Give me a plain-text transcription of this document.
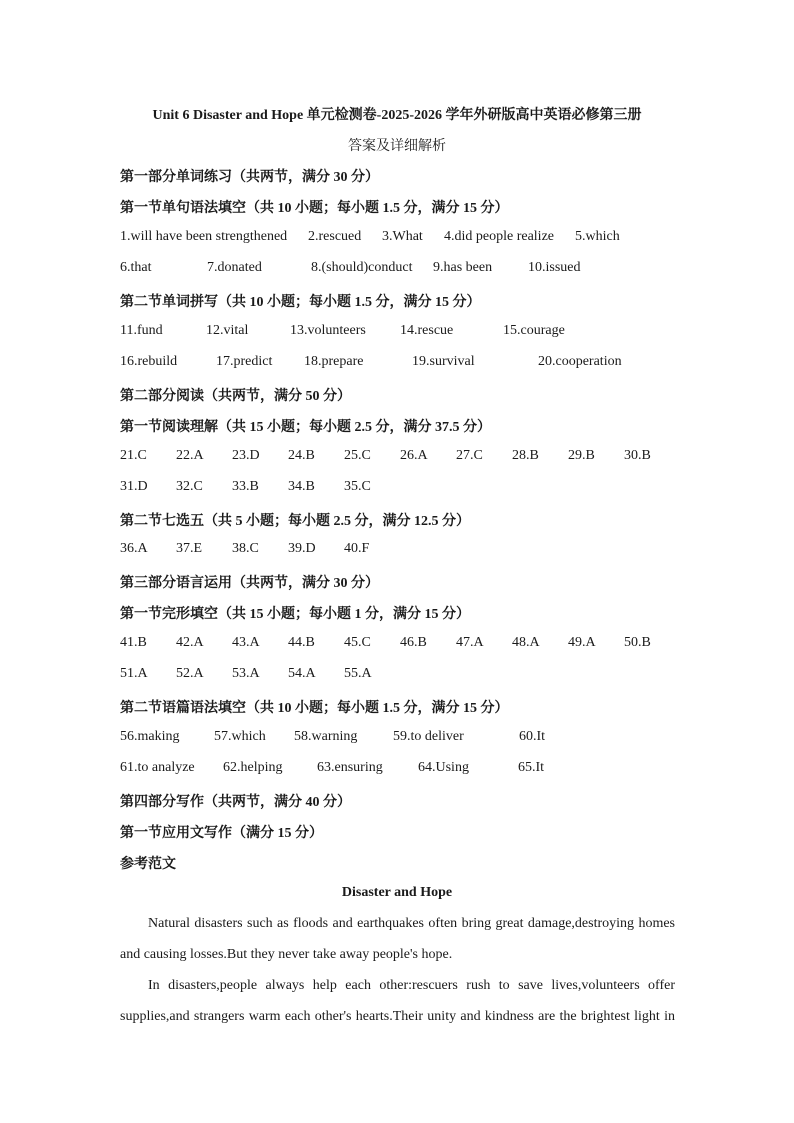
Unit 6 Disaster and Hope 单元检测卷-2025-2026 学年外研版高中英语必修第三册
答案及详细解析
第一部分单词练习（共两节，满分 30 分）
第一节单句语法填空（共 10 小题；每小题 1.5 分，满分 15 分）
1.will have been strengthened 2.rescued 3.What 4.did people realize 5.which
6.that	7.donated	8.(should)conduct 9.has been	10.issued
第二节单词拼写（共 10 小题；每小题 1.5 分，满分 15 分）
11.fund	12.vital	13.volunteers 14.rescue	15.courage
16.rebuild	17.predict 18.prepare	19.survival	20.cooperation
第二部分阅读（共两节，满分 50 分）
第一节阅读理解（共 15 小题；每小题 2.5 分，满分 37.5 分）
21.C 22.A 23.D 24.B 25.C 26.A 27.C 28.B 29.B 30.B
31.D 32.C 33.B 34.B 35.C
第二节七选五（共 5 小题；每小题 2.5 分，满分 12.5 分）
36.A 37.E 38.C 39.D 40.F
第三部分语言运用（共两节，满分 30 分）
第一节完形填空（共 15 小题；每小题 1 分，满分 15 分）
41.B 42.A 43.A 44.B 45.C 46.B 47.A 48.A 49.A 50.B
51.A 52.A 53.A 54.A 55.A
第二节语篇语法填空（共 10 小题；每小题 1.5 分，满分 15 分）
56.making 57.which 58.warning	59.to deliver	60.It
61.to analyze 62.helping 63.ensuring	64.Using	65.It
第四部分写作（共两节，满分 40 分）
第一节应用文写作（满分 15 分）
参考范文
Disaster and Hope
Natural disasters such as floods and earthquakes often bring great damage,destroying homes
and causing losses.But they never take away people's hope.
In disasters,people always help each other:rescuers rush to save lives,volunteers offer
supplies,and strangers warm each other's hearts.Their unity and kindness are the brightest light in
